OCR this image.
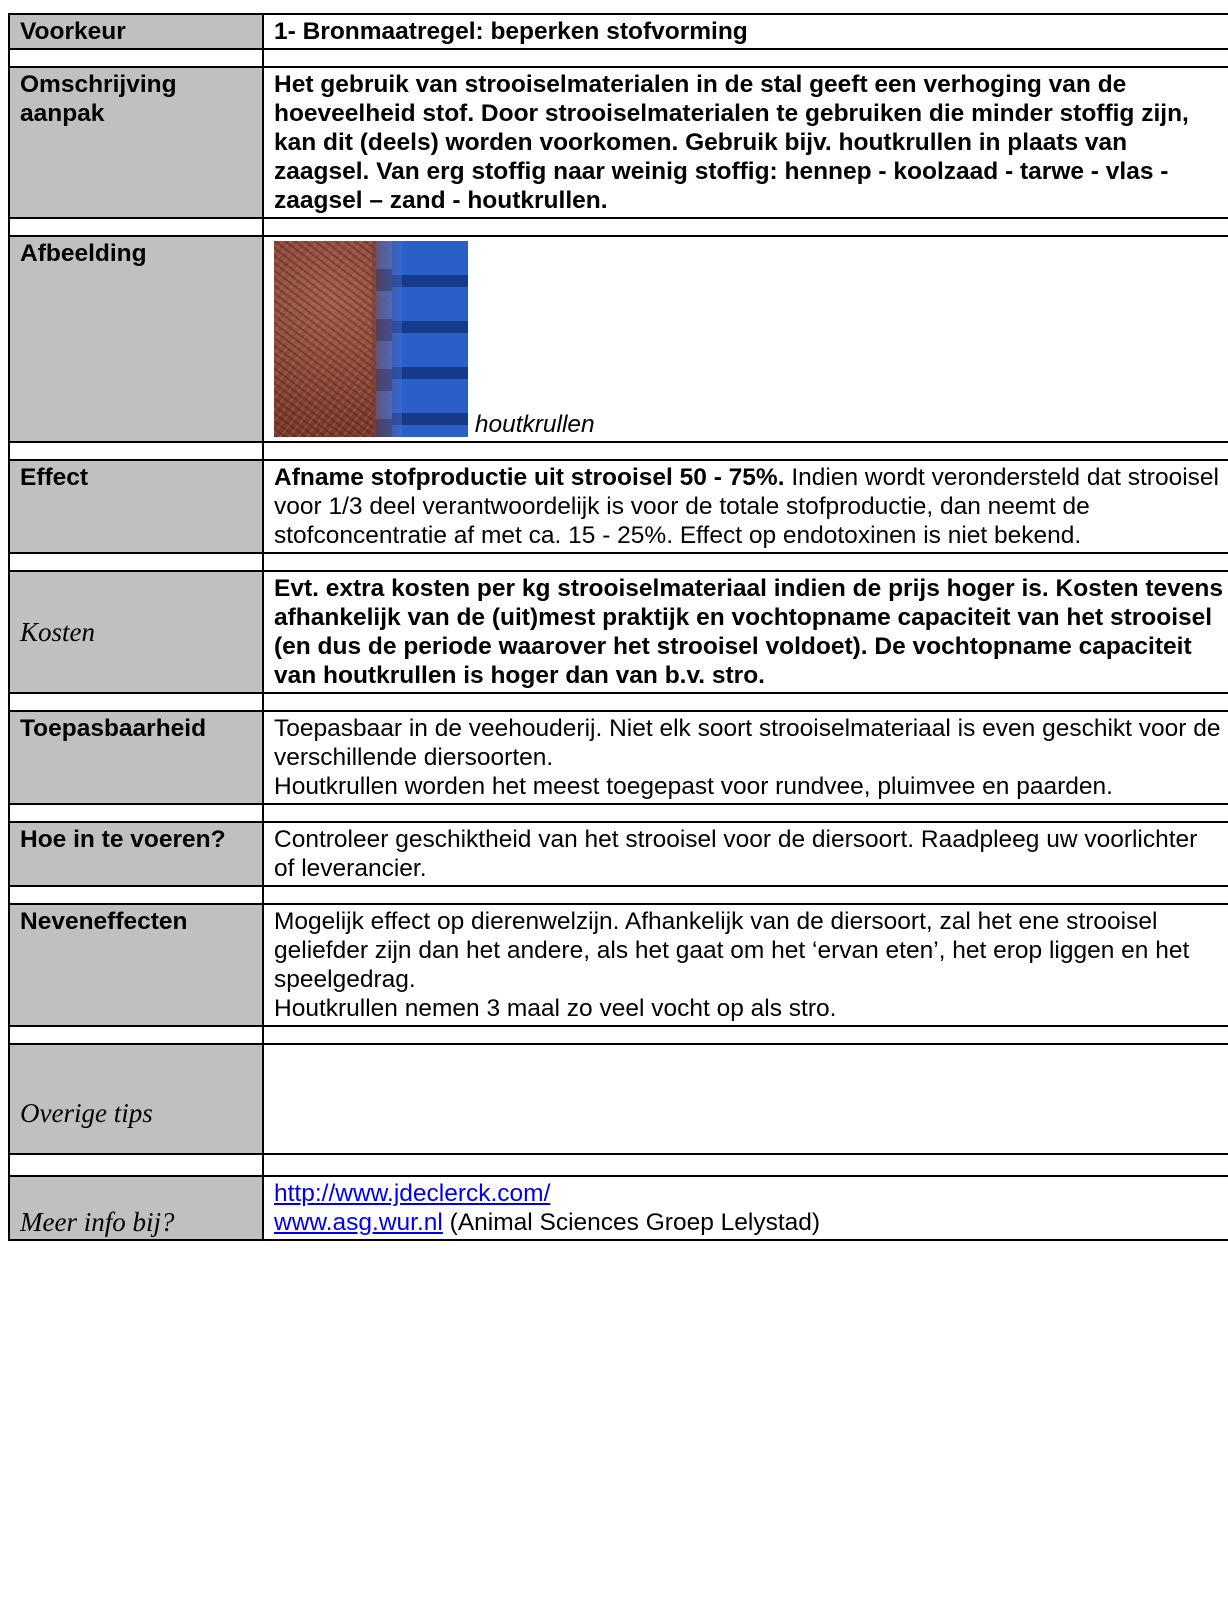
Voorkeur	1- Bronmaatregel: beperken stofvorming

Omschrijving aanpak	Het gebruik van strooiselmaterialen in de stal geeft een verhoging van de hoeveelheid stof. Door strooiselmaterialen te gebruiken die minder stoffig zijn, kan dit (deels) worden voorkomen. Gebruik bijv. houtkrullen in plaats van zaagsel. Van erg stoffig naar weinig stoffig: hennep - koolzaad - tarwe - vlas - zaagsel – zand - houtkrullen.

Afbeelding	houtkrullen

Effect	Afname stofproductie uit strooisel 50 - 75%. Indien wordt verondersteld dat strooisel voor 1/3 deel verantwoordelijk is voor de totale stofproductie, dan neemt de stofconcentratie af met ca. 15 - 25%. Effect op endotoxinen is niet bekend.

Kosten	Evt. extra kosten per kg strooiselmateriaal indien de prijs hoger is. Kosten tevens afhankelijk van de (uit)mest praktijk en vochtopname capaciteit van het strooisel (en dus de periode waarover het strooisel voldoet). De vochtopname capaciteit van houtkrullen is hoger dan van b.v. stro.

Toepasbaarheid	Toepasbaar in de veehouderij. Niet elk soort strooiselmateriaal is even geschikt voor de verschillende diersoorten.
Houtkrullen worden het meest toegepast voor rundvee, pluimvee en paarden.

Hoe in te voeren?	Controleer geschiktheid van het strooisel voor de diersoort. Raadpleeg uw voorlichter of leverancier.

Neveneffecten	Mogelijk effect op dierenwelzijn. Afhankelijk van de diersoort, zal het ene strooisel geliefder zijn dan het andere, als het gaat om het ‘ervan eten’, het erop liggen en het speelgedrag.
Houtkrullen nemen 3 maal zo veel vocht op als stro.

Overige tips	

Meer info bij?	http://www.jdeclerck.com/
www.asg.wur.nl (Animal Sciences Groep Lelystad)
